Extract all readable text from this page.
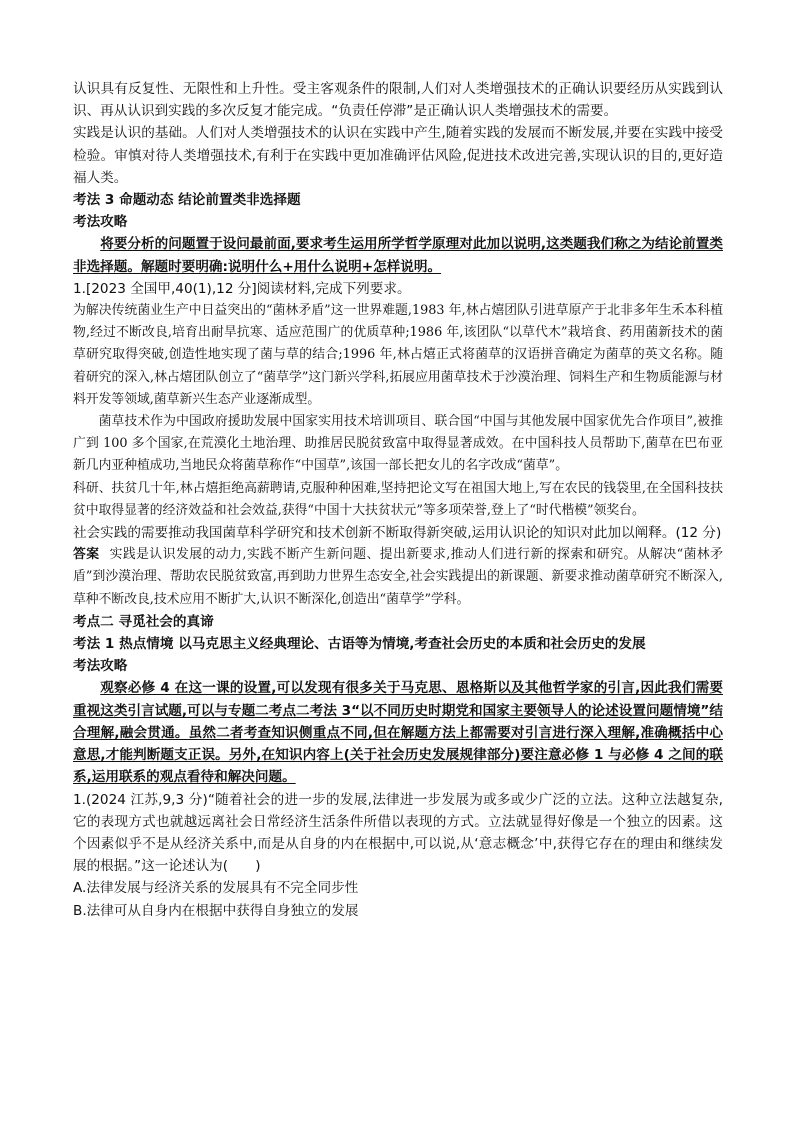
认识具有反复性、无限性和上升性。受主客观条件的限制,人们对人类增强技术的正确认识要经历从实践到认识、再从认识到实践的多次反复才能完成。“负责任停滞”是正确认识人类增强技术的需要。

实践是认识的基础。人们对人类增强技术的认识在实践中产生,随着实践的发展而不断发展,并要在实践中接受检验。审慎对待人类增强技术,有利于在实践中更加准确评估风险,促进技术改进完善,实现认识的目的,更好造福人类。

考法 3 命题动态 结论前置类非选择题

考法攻略

将要分析的问题置于设问最前面,要求考生运用所学哲学原理对此加以说明,这类题我们称之为结论前置类非选择题。解题时要明确:说明什么+用什么说明+怎样说明。

1.[2023 全国甲,40(1),12 分]阅读材料,完成下列要求。

为解决传统菌业生产中日益突出的“菌林矛盾”这一世界难题,1983 年,林占熺团队引进草原产于北非多年生禾本科植物,经过不断改良,培育出耐旱抗寒、适应范围广的优质草种;1986 年,该团队“以草代木”栽培食、药用菌新技术的菌草研究取得突破,创造性地实现了菌与草的结合;1996 年,林占熺正式将菌草的汉语拼音确定为菌草的英文名称。随着研究的深入,林占熺团队创立了“菌草学”这门新兴学科,拓展应用菌草技术于沙漠治理、饲料生产和生物质能源与材料开发等领域,菌草新兴生态产业逐渐成型。

菌草技术作为中国政府援助发展中国家实用技术培训项目、联合国“中国与其他发展中国家优先合作项目”,被推广到 100 多个国家,在荒漠化土地治理、助推居民脱贫致富中取得显著成效。在中国科技人员帮助下,菌草在巴布亚新几内亚种植成功,当地民众将菌草称作“中国草”,该国一部长把女儿的名字改成“菌草”。

科研、扶贫几十年,林占熺拒绝高薪聘请,克服种种困难,坚持把论文写在祖国大地上,写在农民的钱袋里,在全国科技扶贫中取得显著的经济效益和社会效益,获得“中国十大扶贫状元”等多项荣誉,登上了“时代楷模”领奖台。

社会实践的需要推动我国菌草科学研究和技术创新不断取得新突破,运用认识论的知识对此加以阐释。(12 分)

答案 实践是认识发展的动力,实践不断产生新问题、提出新要求,推动人们进行新的探索和研究。从解决“菌林矛盾”到沙漠治理、帮助农民脱贫致富,再到助力世界生态安全,社会实践提出的新课题、新要求推动菌草研究不断深入,草种不断改良,技术应用不断扩大,认识不断深化,创造出“菌草学”学科。

考点二 寻觅社会的真谛

考法 1 热点情境 以马克思主义经典理论、古语等为情境,考查社会历史的本质和社会历史的发展

考法攻略

观察必修 4 在这一课的设置,可以发现有很多关于马克思、恩格斯以及其他哲学家的引言,因此我们需要重视这类引言试题,可以与专题二考点二考法 3“以不同历史时期党和国家主要领导人的论述设置问题情境”结合理解,融会贯通。虽然二者考查知识侧重点不同,但在解题方法上都需要对引言进行深入理解,准确概括中心意思,才能判断题支正误。另外,在知识内容上(关于社会历史发展规律部分)要注意必修 1 与必修 4 之间的联系,运用联系的观点看待和解决问题。

1.(2024 江苏,9,3 分)“随着社会的进一步的发展,法律进一步发展为或多或少广泛的立法。这种立法越复杂,它的表现方式也就越远离社会日常经济生活条件所借以表现的方式。立法就显得好像是一个独立的因素。这个因素似乎不是从经济关系中,而是从自身的内在根据中,可以说,从‘意志概念’中,获得它存在的理由和继续发展的根据。”这一论述认为(　　)

A.法律发展与经济关系的发展具有不完全同步性

B.法律可从自身内在根据中获得自身独立的发展
